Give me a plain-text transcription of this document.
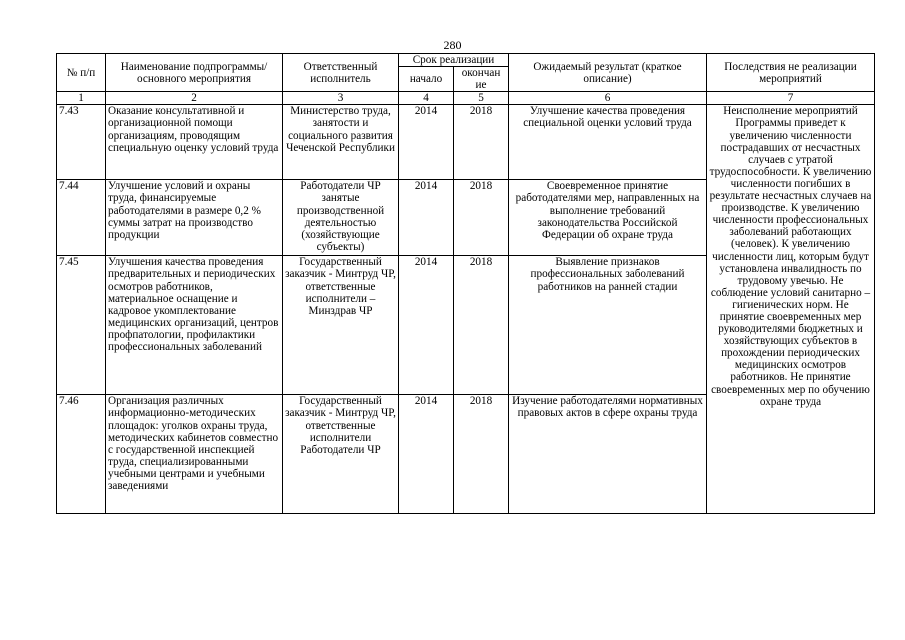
280
№ п/п	Наименование подпрограммы/ основного мероприятия	Ответственный исполнитель	Срок реализации		Ожидаемый результат (краткое описание)	Последствия не реализации мероприятий
			начало	окончан ие		
1	2	3	4	5	6	7
7.43	Оказание консультативной и организационной помощи организациям, проводящим специальную оценку условий труда	Министерство труда, занятости и социального развития Чеченской Республики	2014	2018	Улучшение качества проведения специальной оценки условий труда	Неисполнение мероприятий Программы приведет к увеличению численности пострадавших от несчастных случаев с утратой трудоспособности. К увеличению численности погибших в результате несчастных случаев на производстве. К увеличению численности профессиональных заболеваний работающих (человек). К увеличению численности лиц, которым будут установлена инвалидность по трудовому увечью. Не соблюдение условий санитарно – гигиенических норм. Не принятие своевременных мер руководителями бюджетных и хозяйствующих субъектов в прохождении периодических медицинских осмотров работников. Не принятие своевременных мер по обучению охране труда
7.44	Улучшение условий и охраны труда, финансируемые работодателями в размере 0,2 % суммы затрат на производство продукции	Работодатели ЧР занятые производственной деятельностью (хозяйствующие субъекты)	2014	2018	Своевременное принятие работодателями мер, направленных на выполнение требований законодательства Российской Федерации об охране труда	
7.45	Улучшения качества проведения предварительных и периодических осмотров работников, материальное оснащение и кадровое укомплектование медицинских организаций, центров профпатологии, профилактики профессиональных заболеваний	Государственный заказчик - Минтруд ЧР, ответственные исполнители – Минздрав ЧР	2014	2018	Выявление признаков профессиональных заболеваний работников на ранней стадии	
7.46	Организация различных информационно-методических площадок: уголков охраны труда, методических кабинетов совместно с государственной инспекцией труда, специализированными учебными центрами и учебными заведениями	Государственный заказчик - Минтруд ЧР, ответственные исполнители Работодатели ЧР	2014	2018	Изучение работодателями нормативных правовых актов в сфере охраны труда	
